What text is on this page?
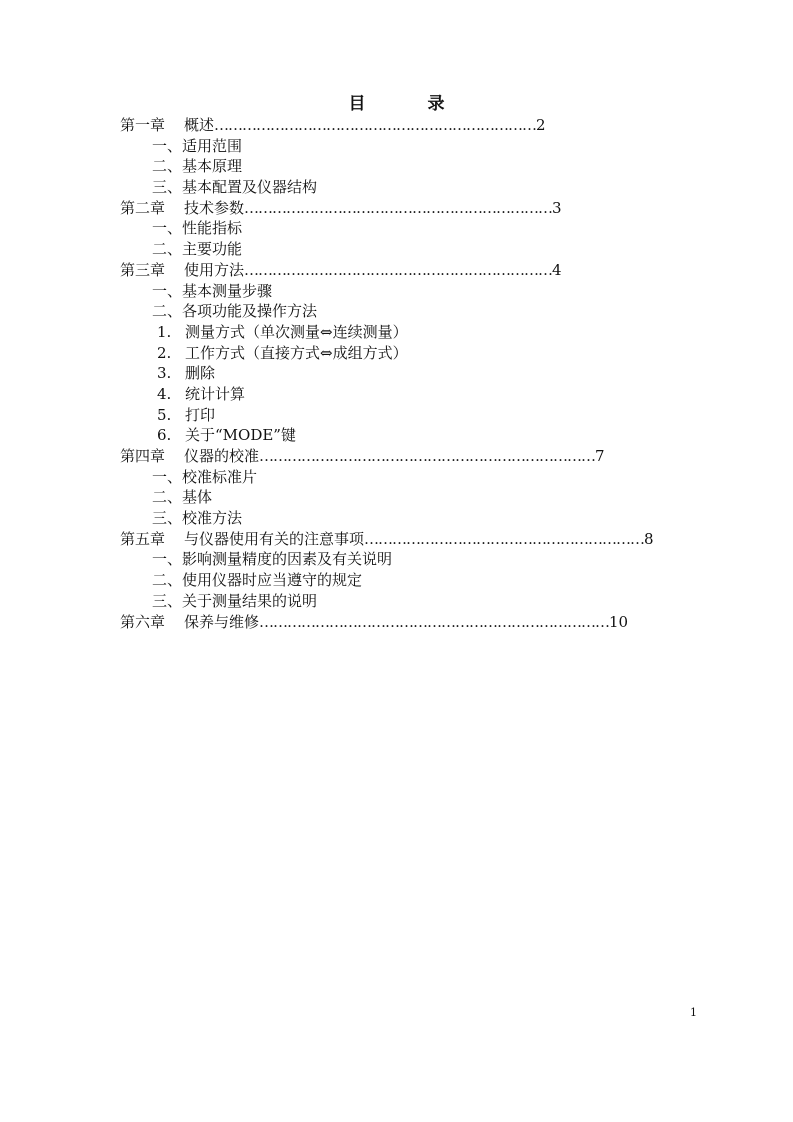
目 录
第一章	概述 …………………………………………………………… 2
一、适用范围
二、基本原理
三、基本配置及仪器结构
第二章	技术参数 ………………………………………………………… 3
一、性能指标
二、主要功能
第三章	使用方法 ………………………………………………………… 4
一、基本测量步骤
二、各项功能及操作方法
1. 测量方式（单次测量⇔连续测量）
2. 工作方式（直接方式⇔成组方式）
3. 删除
4. 统计计算
5. 打印
6. 关于“MODE”键
第四章	仪器的校准 ……………………………………………………………… 7
一、校准标准片
二、基体
三、校准方法
第五章	与仪器使用有关的注意事项 …………………………………………………… 8
一、影响测量精度的因素及有关说明
二、使用仪器时应当遵守的规定
三、关于测量结果的说明
第六章	保养与维修 ………………………………………………………………… 10
1
